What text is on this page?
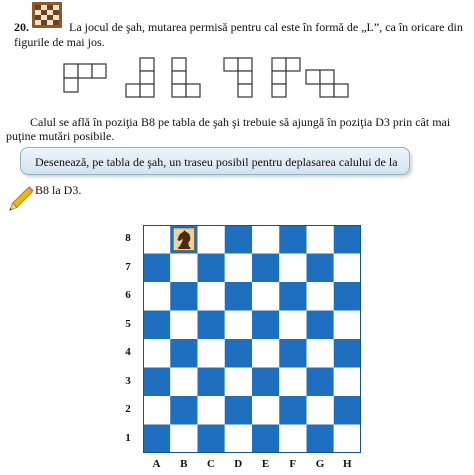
20.	La jocul de şah, mutarea permisă pentru cal este în formă de „L”, ca în oricare din figurile de mai jos.
Calul se află în poziţia B8 pe tabla de şah şi trebuie să ajungă în poziţia D3 prin cât mai puţine mutări posibile.
Desenează, pe tabla de şah, un traseu posibil pentru deplasarea calului de la B8 la D3.
8
7
6
5
4
3
2
1
A	B	C	D	E	F	G	H
